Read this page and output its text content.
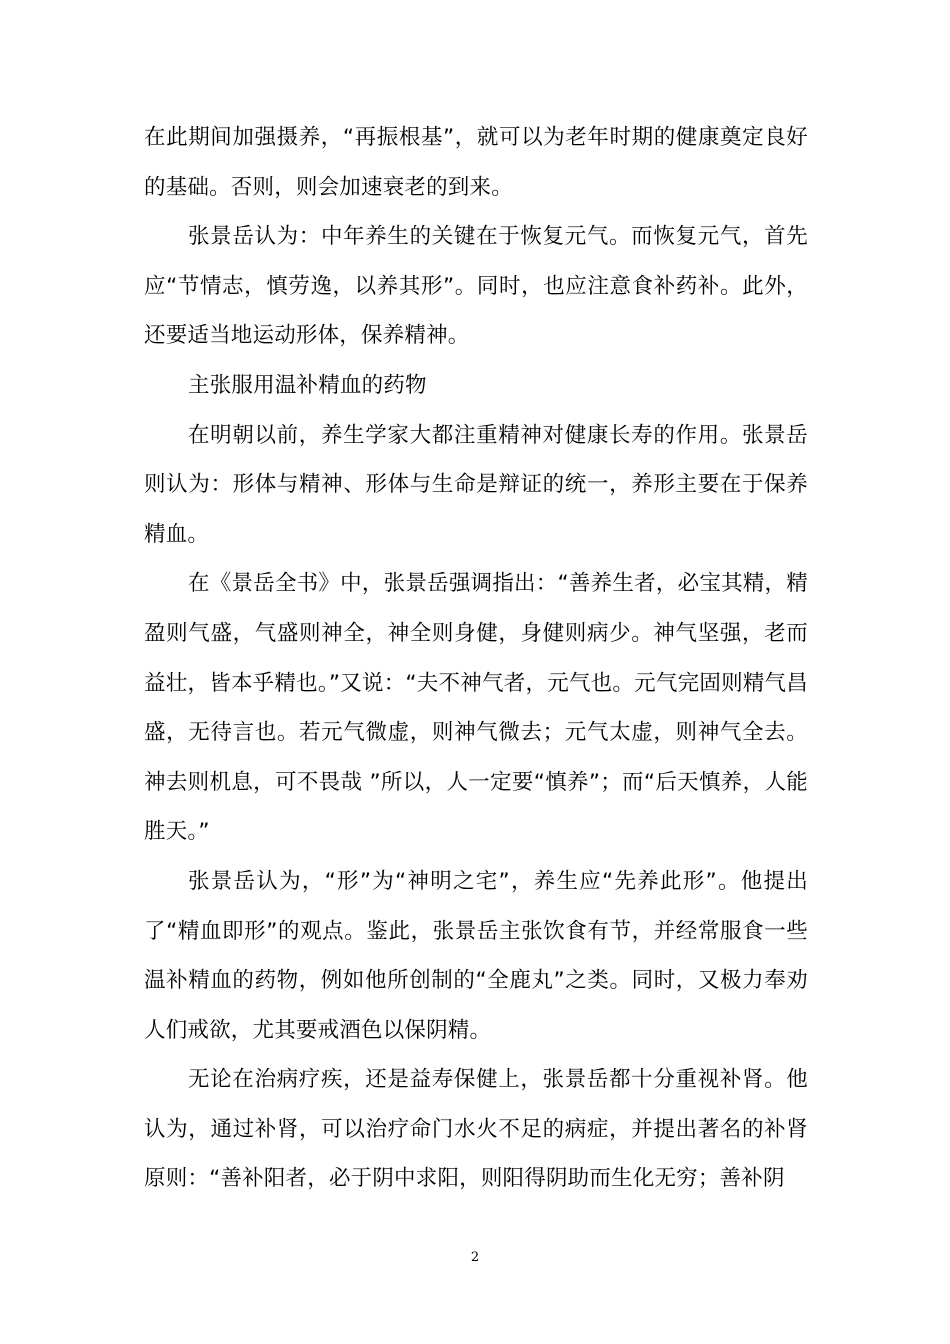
在此期间加强摄养，“再振根基”，就可以为老年时期的健康奠定良好的基础。否则，则会加速衰老的到来。

张景岳认为：中年养生的关键在于恢复元气。而恢复元气，首先应“节情志，慎劳逸，以养其形”。同时，也应注意食补药补。此外，还要适当地运动形体，保养精神。

主张服用温补精血的药物

在明朝以前，养生学家大都注重精神对健康长寿的作用。张景岳则认为：形体与精神、形体与生命是辩证的统一，养形主要在于保养精血。

在《景岳全书》中，张景岳强调指出：“善养生者，必宝其精，精盈则气盛，气盛则神全，神全则身健，身健则病少。神气坚强，老而益壮，皆本乎精也。”又说：“夫不神气者，元气也。元气完固则精气昌盛，无待言也。若元气微虚，则神气微去；元气太虚，则神气全去。神去则机息，可不畏哉 ”所以，人一定要“慎养”；而“后天慎养，人能胜天。”

张景岳认为，“形”为“神明之宅”，养生应“先养此形”。他提出了“精血即形”的观点。鉴此，张景岳主张饮食有节，并经常服食一些温补精血的药物，例如他所创制的“全鹿丸”之类。同时，又极力奉劝人们戒欲，尤其要戒酒色以保阴精。

无论在治病疗疾，还是益寿保健上，张景岳都十分重视补肾。他认为，通过补肾，可以治疗命门水火不足的病症，并提出著名的补肾原则：“善补阳者，必于阴中求阳，则阳得阴助而生化无穷；善补阴

2
